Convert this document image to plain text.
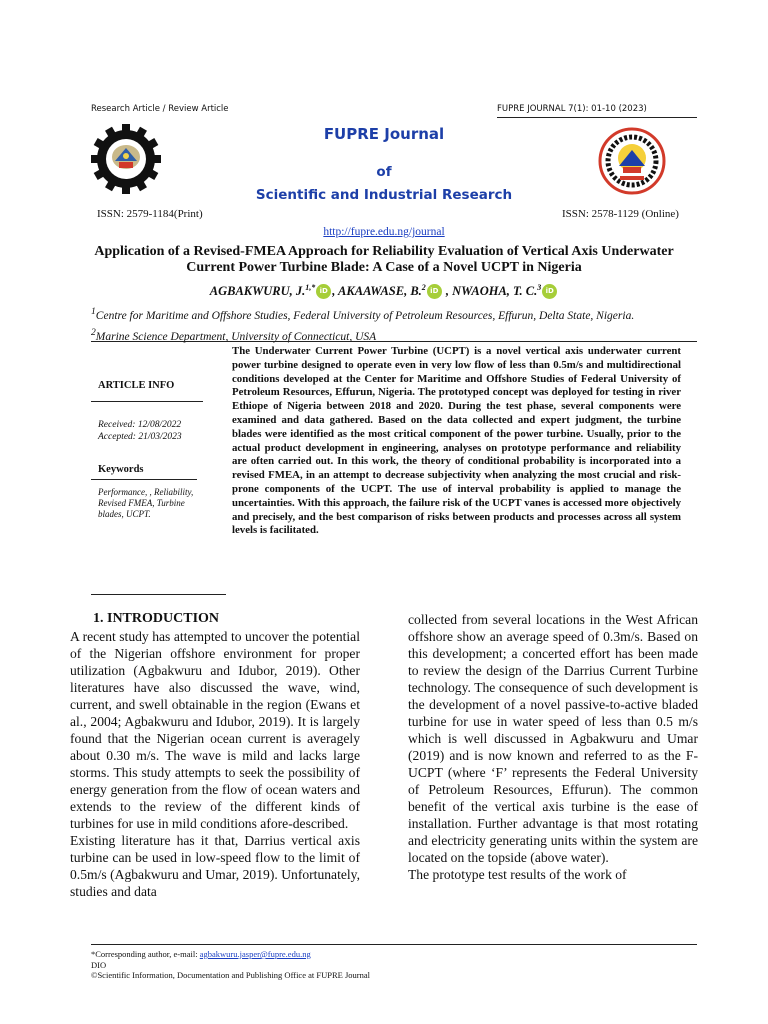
Research Article / Review Article	FUPRE JOURNAL 7(1): 01-10 (2023)
FUPRE Journal
of
Scientific and Industrial Research
ISSN: 2579-1184(Print)	ISSN: 2578-1129 (Online)
http://fupre.edu.ng/journal
Application of a Revised-FMEA Approach for Reliability Evaluation of Vertical Axis Underwater Current Power Turbine Blade: A Case of a Novel UCPT in Nigeria
AGBAKWURU, J.$^{1,*}$ iD , AKAAWASE, B.$^2$ iD , NWAOHA, T. C.$^3$ iD
$^1$Centre for Maritime and Offshore Studies, Federal University of Petroleum Resources, Effurun, Delta State, Nigeria.
$^2$Marine Science Department, University of Connecticut, USA
ARTICLE INFO
Received: 12/08/2022
Accepted: 21/03/2023
Keywords
Performance, , Reliability, Revised FMEA, Turbine blades, UCPT.
The Underwater Current Power Turbine (UCPT) is a novel vertical axis underwater current power turbine designed to operate even in very low flow of less than 0.5m/s and multidirectional conditions developed at the Center for Maritime and Offshore Studies of Federal University of Petroleum Resources, Effurun, Nigeria. The prototyped concept was deployed for testing in river Ethiope of Nigeria between 2018 and 2020. During the test phase, several components were examined and data gathered. Based on the data collected and expert judgment, the turbine blades were identified as the most critical component of the power turbine. Usually, prior to the actual product development in engineering, analyses on prototype performance and reliability are often carried out. In this work, the theory of conditional probability is incorporated into a revised FMEA, in an attempt to decrease subjectivity when analyzing the most crucial and risk-prone components of the UCPT. The use of interval probability is applied to manage the uncertainties. With this approach, the failure risk of the UCPT vanes is accessed more objectively and precisely, and the best comparison of risks between products and processes across all system levels is facilitated.
1. INTRODUCTION

A recent study has attempted to uncover the potential of the Nigerian offshore environment for proper utilization (Agbakwuru and Idubor, 2019). Other literatures have also discussed the wave, wind, current, and swell obtainable in the region (Ewans et al., 2004; Agbakwuru and Idubor, 2019). It is largely found that the Nigerian ocean current is averagely about 0.30 m/s. The wave is mild and lacks large storms. This study attempts to seek the possibility of energy generation from the flow of ocean waters and extends to the review of the different kinds of turbines for use in mild conditions afore-described.

Existing literature has it that, Darrius vertical axis turbine can be used in low-speed flow to the limit of 0.5m/s (Agbakwuru and Umar, 2019). Unfortunately, studies and data

collected from several locations in the West African offshore show an average speed of 0.3m/s. Based on this development; a concerted effort has been made to review the design of the Darrius Current Turbine technology. The consequence of such development is the development of a novel passive-to-active bladed turbine for use in water speed of less than 0.5 m/s which is well discussed in Agbakwuru and Umar (2019) and is now known and referred to as the F-UCPT (where ‘F’ represents the Federal University of Petroleum Resources, Effurun). The common benefit of the vertical axis turbine is the ease of installation. Further advantage is that most rotating and electricity generating units within the system are located on the topside (above water).

The prototype test results of the work of

*Corresponding author, e-mail: agbakwuru.jasper@fupre.edu.ng
DIO
©Scientific Information, Documentation and Publishing Office at FUPRE Journal
